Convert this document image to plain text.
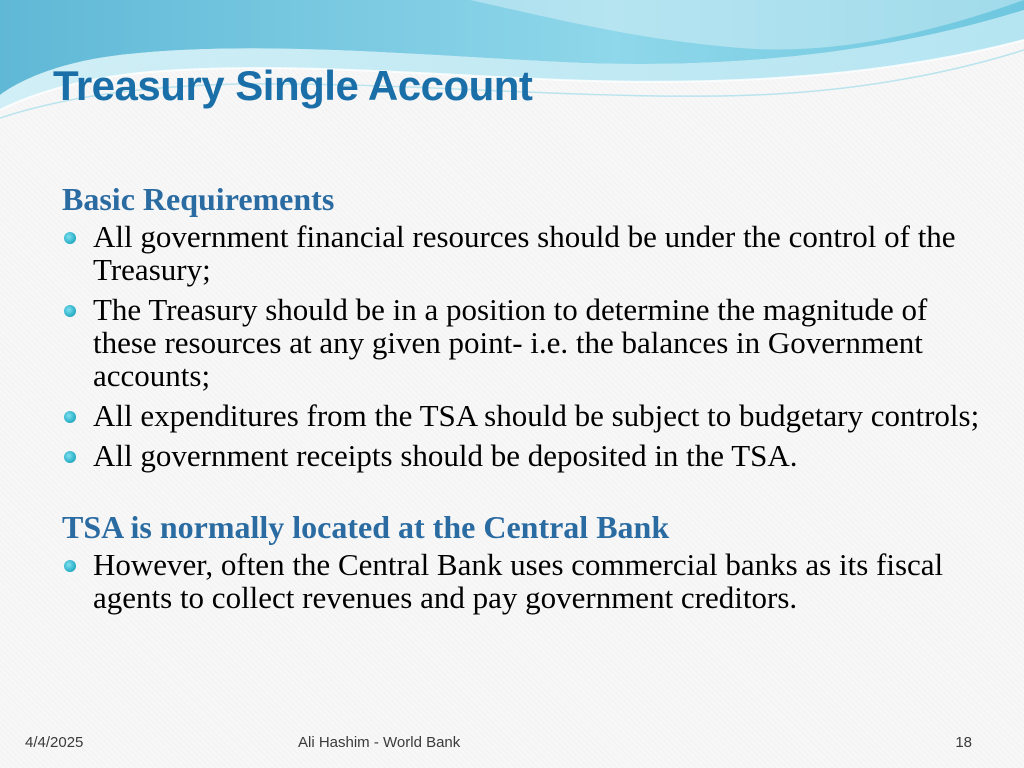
Treasury Single Account
Basic Requirements
All government financial resources should be under the control of the Treasury;
The Treasury should be in a position to determine the magnitude of these resources at any given point- i.e. the balances in Government accounts;
All expenditures from the TSA should be subject to budgetary controls;
All government receipts should be deposited in the TSA.
TSA is normally located at the Central Bank
However, often the Central Bank uses commercial banks as its fiscal agents to collect revenues and pay government creditors.
4/4/2025	Ali Hashim - World Bank	18
